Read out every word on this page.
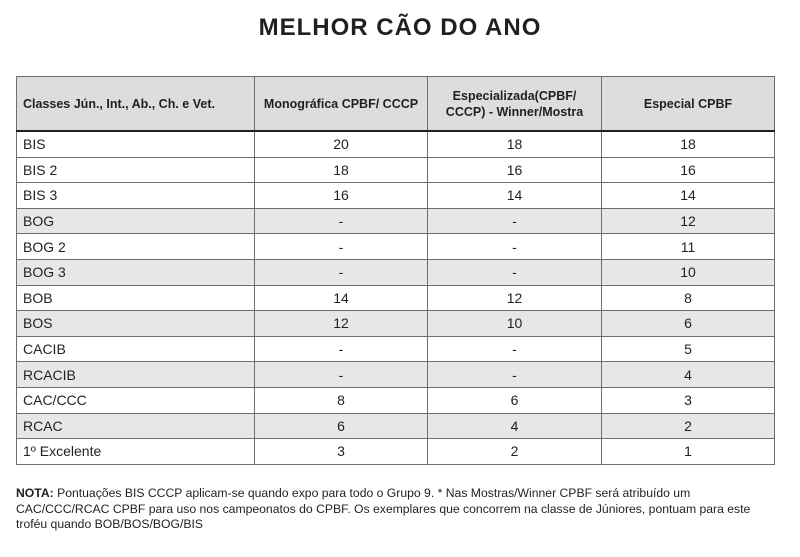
MELHOR CÃO DO ANO
Classes Jún., Int., Ab., Ch. e Vet.	Monográfica CPBF/ CCCP	Especializada(CPBF/ CCCP) - Winner/Mostra	Especial CPBF
BIS	20	18	18
BIS 2	18	16	16
BIS 3	16	14	14
BOG	-	-	12
BOG 2	-	-	11
BOG 3	-	-	10
BOB	14	12	8
BOS	12	10	6
CACIB	-	-	5
RCACIB	-	-	4
CAC/CCC	8	6	3
RCAC	6	4	2
1º Excelente	3	2	1

NOTA: Pontuações BIS CCCP aplicam-se quando expo para todo o Grupo 9. * Nas Mostras/Winner CPBF será atribuído um CAC/CCC/RCAC CPBF para uso nos campeonatos do CPBF. Os exemplares que concorrem na classe de Júniores, pontuam para este troféu quando BOB/BOS/BOG/BIS
